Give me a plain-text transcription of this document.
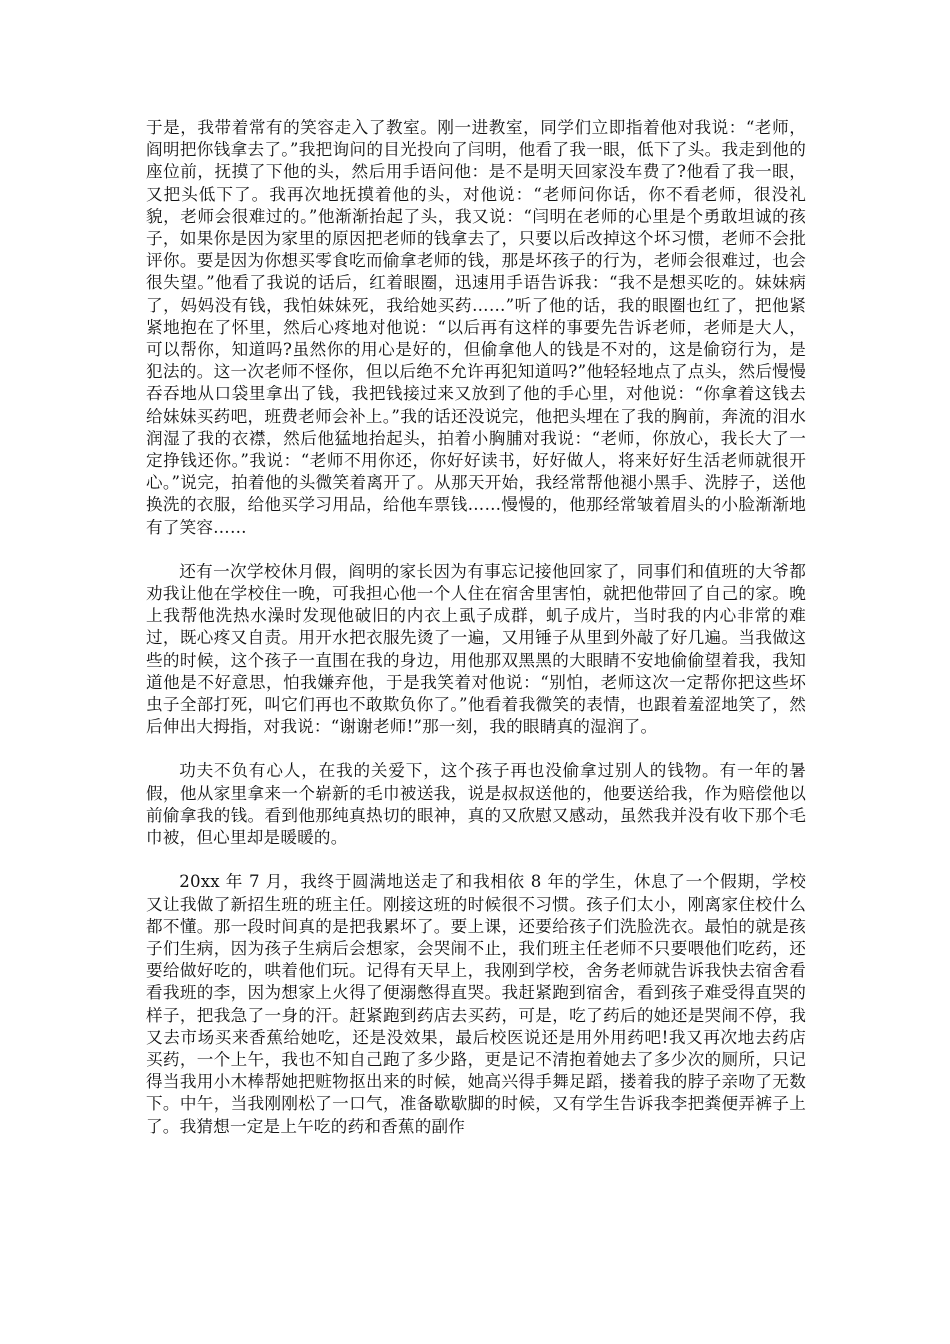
于是，我带着常有的笑容走入了教室。刚一进教室，同学们立即指着他对我说：“老师，阎明把你钱拿去了。”我把询问的目光投向了闫明，他看了我一眼，低下了头。我走到他的座位前，抚摸了下他的头，然后用手语问他：是不是明天回家没车费了?他看了我一眼，又把头低下了。我再次地抚摸着他的头，对他说：“老师问你话，你不看老师，很没礼貌，老师会很难过的。”他渐渐抬起了头，我又说：“闫明在老师的心里是个勇敢坦诚的孩子，如果你是因为家里的原因把老师的钱拿去了，只要以后改掉这个坏习惯，老师不会批评你。要是因为你想买零食吃而偷拿老师的钱，那是坏孩子的行为，老师会很难过，也会很失望。”他看了我说的话后，红着眼圈，迅速用手语告诉我：“我不是想买吃的。妹妹病了，妈妈没有钱，我怕妹妹死，我给她买药……”听了他的话，我的眼圈也红了，把他紧紧地抱在了怀里，然后心疼地对他说：“以后再有这样的事要先告诉老师，老师是大人，可以帮你，知道吗?虽然你的用心是好的，但偷拿他人的钱是不对的，这是偷窃行为，是犯法的。这一次老师不怪你，但以后绝不允许再犯知道吗?”他轻轻地点了点头，然后慢慢吞吞地从口袋里拿出了钱，我把钱接过来又放到了他的手心里，对他说：“你拿着这钱去给妹妹买药吧，班费老师会补上。”我的话还没说完，他把头埋在了我的胸前，奔流的泪水润湿了我的衣襟，然后他猛地抬起头，拍着小胸脯对我说：“老师，你放心，我长大了一定挣钱还你。”我说：“老师不用你还，你好好读书，好好做人，将来好好生活老师就很开心。”说完，拍着他的头微笑着离开了。从那天开始，我经常帮他褪小黑手、洗脖子，送他换洗的衣服，给他买学习用品，给他车票钱……慢慢的，他那经常皱着眉头的小脸渐渐地有了笑容……

还有一次学校休月假，阎明的家长因为有事忘记接他回家了，同事们和值班的大爷都劝我让他在学校住一晚，可我担心他一个人住在宿舍里害怕，就把他带回了自己的家。晚上我帮他洗热水澡时发现他破旧的内衣上虱子成群，虮子成片，当时我的内心非常的难过，既心疼又自责。用开水把衣服先烫了一遍，又用锤子从里到外敲了好几遍。当我做这些的时候，这个孩子一直围在我的身边，用他那双黑黑的大眼睛不安地偷偷望着我，我知道他是不好意思，怕我嫌弃他，于是我笑着对他说：“别怕，老师这次一定帮你把这些坏虫子全部打死，叫它们再也不敢欺负你了。”他看着我微笑的表情，也跟着羞涩地笑了，然后伸出大拇指，对我说：“谢谢老师!”那一刻，我的眼睛真的湿润了。

功夫不负有心人，在我的关爱下，这个孩子再也没偷拿过别人的钱物。有一年的暑假，他从家里拿来一个崭新的毛巾被送我，说是叔叔送他的，他要送给我，作为赔偿他以前偷拿我的钱。看到他那纯真热切的眼神，真的又欣慰又感动，虽然我并没有收下那个毛巾被，但心里却是暖暖的。

20xx 年 7 月，我终于圆满地送走了和我相依 8 年的学生，休息了一个假期，学校又让我做了新招生班的班主任。刚接这班的时候很不习惯。孩子们太小，刚离家住校什么都不懂。那一段时间真的是把我累坏了。要上课，还要给孩子们洗脸洗衣。最怕的就是孩子们生病，因为孩子生病后会想家，会哭闹不止，我们班主任老师不只要喂他们吃药，还要给做好吃的，哄着他们玩。记得有天早上，我刚到学校，舍务老师就告诉我快去宿舍看看我班的李，因为想家上火得了便溺憋得直哭。我赶紧跑到宿舍，看到孩子难受得直哭的样子，把我急了一身的汗。赶紧跑到药店去买药，可是，吃了药后的她还是哭闹不停，我又去市场买来香蕉给她吃，还是没效果，最后校医说还是用外用药吧!我又再次地去药店买药，一个上午，我也不知自己跑了多少路，更是记不清抱着她去了多少次的厕所，只记得当我用小木棒帮她把赃物抠出来的时候，她高兴得手舞足蹈，搂着我的脖子亲吻了无数下。中午，当我刚刚松了一口气，准备歇歇脚的时候，又有学生告诉我李把粪便弄裤子上了。我猜想一定是上午吃的药和香蕉的副作
